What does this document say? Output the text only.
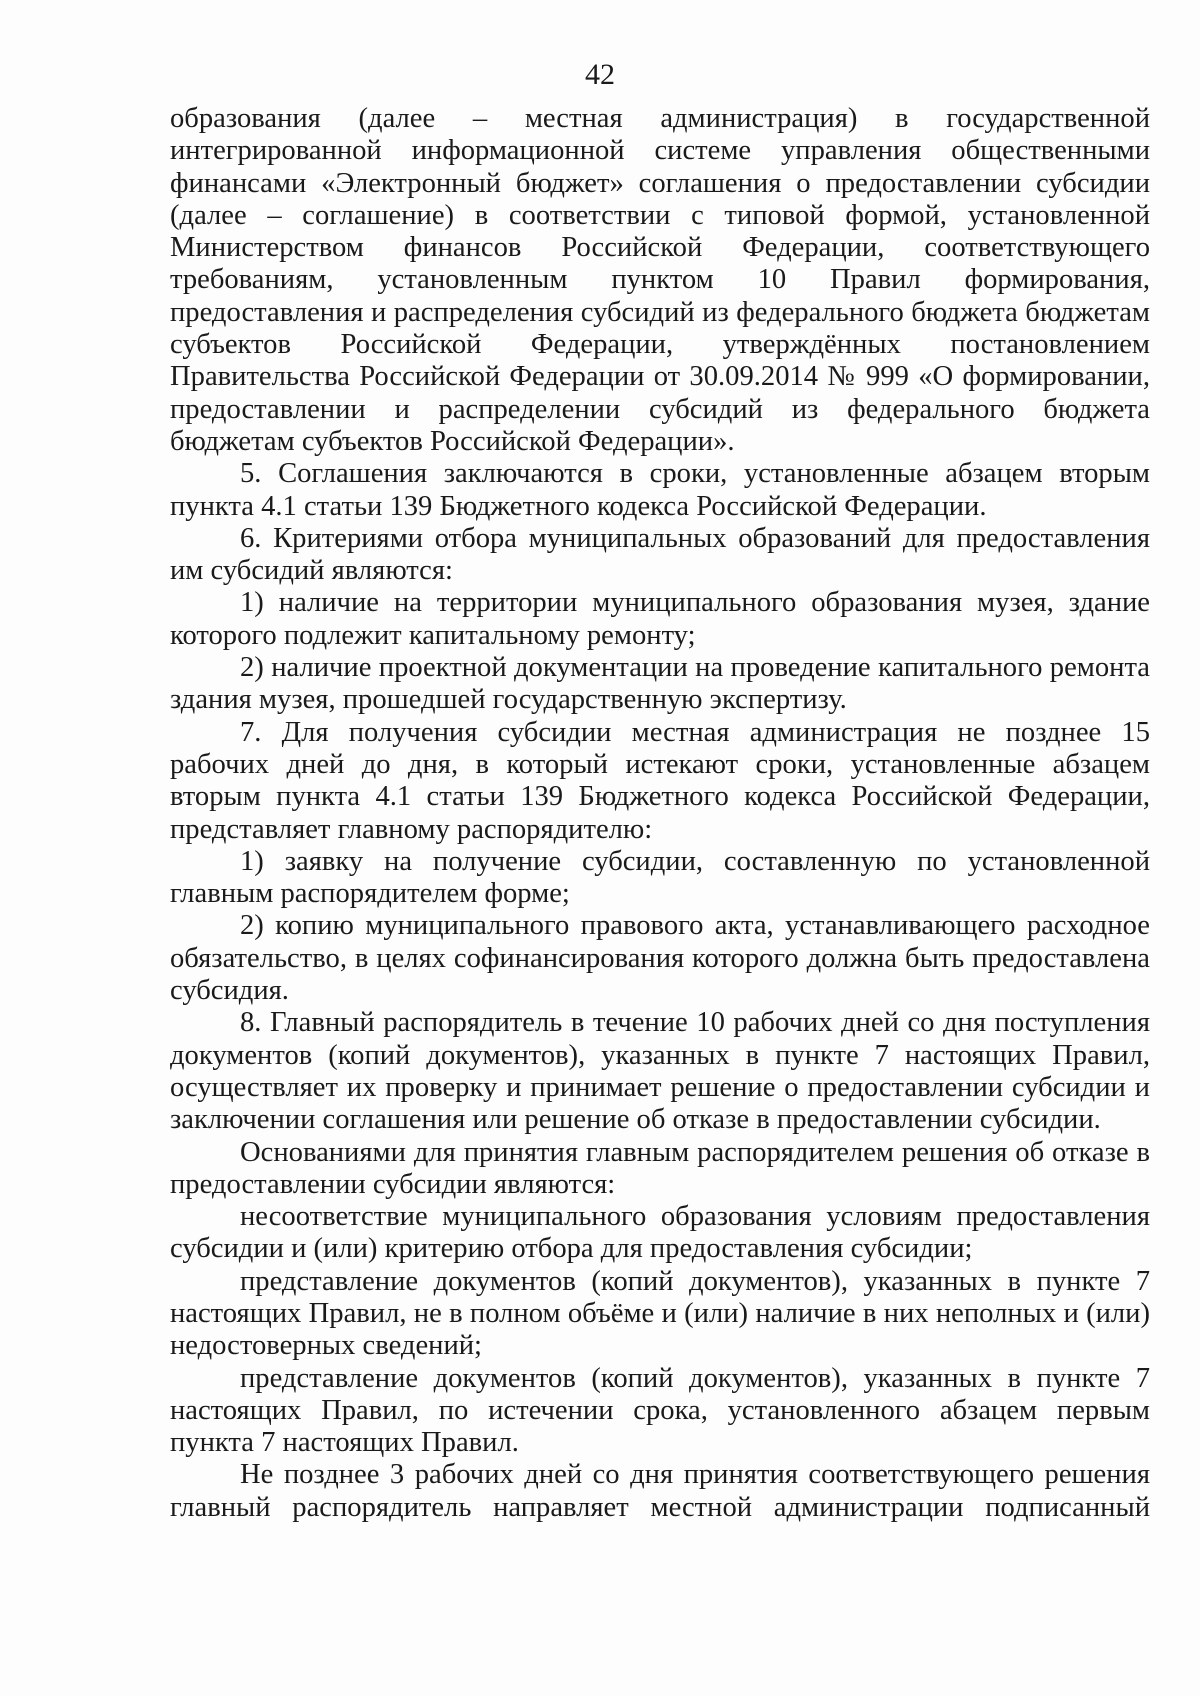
42

образования (далее – местная администрация) в государственной интегрированной информационной системе управления общественными финансами «Электронный бюджет» соглашения о предоставлении субсидии (далее – соглашение) в соответствии с типовой формой, установленной Министерством финансов Российской Федерации, соответствующего требованиям, установленным пунктом 10 Правил формирования, предоставления и распределения субсидий из федерального бюджета бюджетам субъектов Российской Федерации, утверждённых постановлением Правительства Российской Федерации от 30.09.2014 № 999 «О формировании, предоставлении и распределении субсидий из федерального бюджета бюджетам субъектов Российской Федерации».

5. Соглашения заключаются в сроки, установленные абзацем вторым пункта 4.1 статьи 139 Бюджетного кодекса Российской Федерации.

6. Критериями отбора муниципальных образований для предоставления им субсидий являются:

1) наличие на территории муниципального образования музея, здание которого подлежит капитальному ремонту;

2) наличие проектной документации на проведение капитального ремонта здания музея, прошедшей государственную экспертизу.

7. Для получения субсидии местная администрация не позднее 15 рабочих дней до дня, в который истекают сроки, установленные абзацем вторым пункта 4.1 статьи 139 Бюджетного кодекса Российской Федерации, представляет главному распорядителю:

1) заявку на получение субсидии, составленную по установленной главным распорядителем форме;

2) копию муниципального правового акта, устанавливающего расходное обязательство, в целях софинансирования которого должна быть предоставлена субсидия.

8. Главный распорядитель в течение 10 рабочих дней со дня поступления документов (копий документов), указанных в пункте 7 настоящих Правил, осуществляет их проверку и принимает решение о предоставлении субсидии и заключении соглашения или решение об отказе в предоставлении субсидии.

Основаниями для принятия главным распорядителем решения об отказе в предоставлении субсидии являются:

несоответствие муниципального образования условиям предоставления субсидии и (или) критерию отбора для предоставления субсидии;

представление документов (копий документов), указанных в пункте 7 настоящих Правил, не в полном объёме и (или) наличие в них неполных и (или) недостоверных сведений;

представление документов (копий документов), указанных в пункте 7 настоящих Правил, по истечении срока, установленного абзацем первым пункта 7 настоящих Правил.

Не позднее 3 рабочих дней со дня принятия соответствующего решения главный распорядитель направляет местной администрации подписанный
